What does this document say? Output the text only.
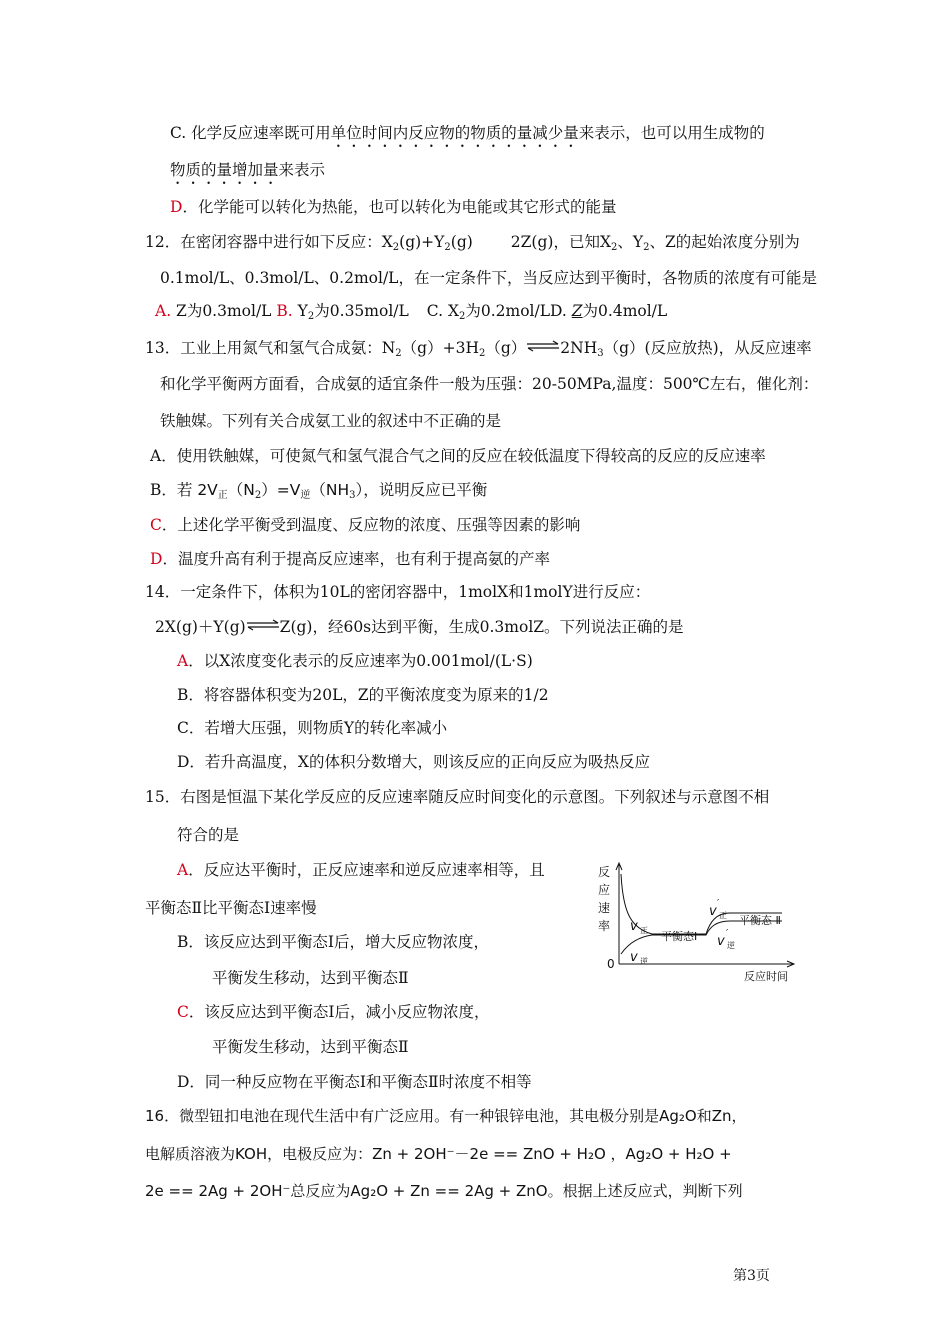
C. 化学反应速率既可用单位时间内反应物的物质的量减少量来表示，也可以用生成物的
物质的量增加量来表示
D．化学能可以转化为热能，也可以转化为电能或其它形式的能量
12．在密闭容器中进行如下反应：$X_2(g)+Y_2(g)$ 2Z(g)，已知$X_2$、$Y_2$、Z的起始浓度分别为
0.1mol/L、0.3mol/L、0.2mol/L，在一定条件下，当反应达到平衡时，各物质的浓度有可能是
A. Z为0.3mol/L B. $Y_2$为0.35mol/L C. $X_2$为0.2mol/LD. Z为0.4mol/L
13．工业上用氮气和氢气合成氨：$N_2(g)+3H_2(g)\rightleftharpoons 2NH_3(g)$(反应放热)，从反应速率
和化学平衡两方面看，合成氨的适宜条件一般为压强：20-50MPa,温度：500℃左右，催化剂：
铁触媒。下列有关合成氨工业的叙述中不正确的是
A．使用铁触媒，可使氮气和氢气混合气之间的反应在较低温度下得较高的反应的反应速率
B．若 $2V_正(N_2)=V_逆(NH_3)$，说明反应已平衡
C．上述化学平衡受到温度、反应物的浓度、压强等因素的影响
D．温度升高有利于提高反应速率，也有利于提高氨的产率
14．一定条件下，体积为10L的密闭容器中，1molX和1molY进行反应：
2X(g)＋Y(g)⇌Z(g)，经60s达到平衡，生成0.3molZ。下列说法正确的是
A．以X浓度变化表示的反应速率为0.001mol/(L·S)
B．将容器体积变为20L，Z的平衡浓度变为原来的1/2
C．若增大压强，则物质Y的转化率减小
D．若升高温度，X的体积分数增大，则该反应的正向反应为吸热反应
15．右图是恒温下某化学反应的反应速率随反应时间变化的示意图。下列叙述与示意图不相
符合的是
A．反应达平衡时，正反应速率和逆反应速率相等，且
平衡态Ⅱ比平衡态Ⅰ速率慢
B．该反应达到平衡态Ⅰ后，增大反应物浓度，
平衡发生移动，达到平衡态Ⅱ
C．该反应达到平衡态Ⅰ后，减小反应物浓度，
平衡发生移动，达到平衡态Ⅱ
D．同一种反应物在平衡态Ⅰ和平衡态Ⅱ时浓度不相等
反
应
速
率
0
反应时间
v 正
v 逆
平衡态Ⅰ
v
′
正
v
′
逆
平衡态 Ⅱ
16．微型钮扣电池在现代生活中有广泛应用。有一种银锌电池，其电极分别是Ag₂O和Zn，
电解质溶液为KOH，电极反应为：Zn + 2OH⁻－2e == ZnO + H₂O ，Ag₂O + H₂O +
2e == 2Ag + 2OH⁻总反应为Ag₂O + Zn == 2Ag + ZnO。根据上述反应式，判断下列
第3页
